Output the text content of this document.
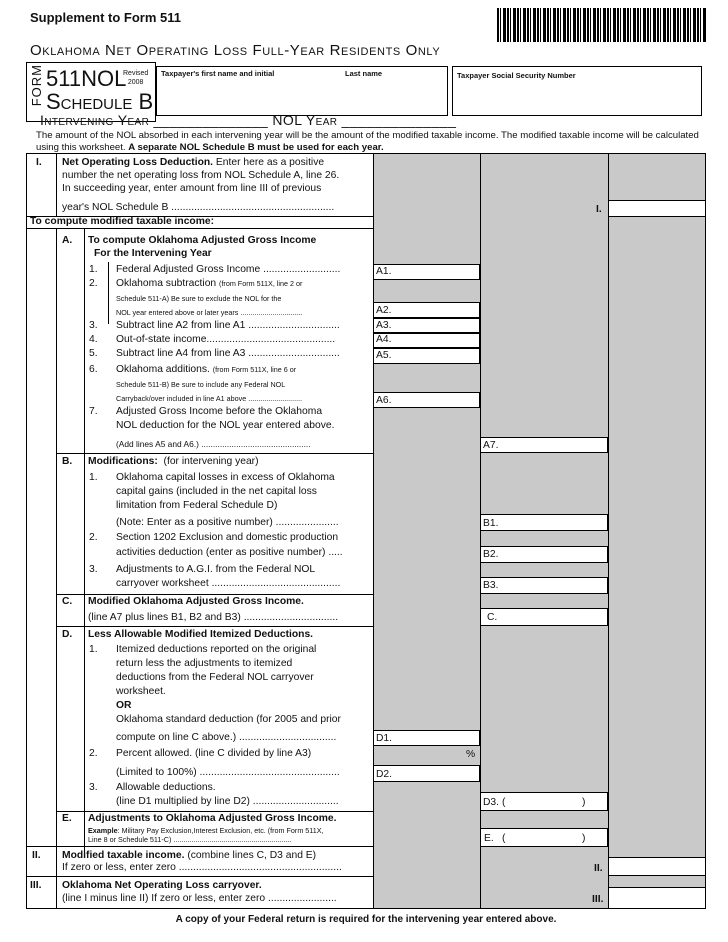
Supplement to Form 511
Oklahoma Net Operating Loss Full-Year Residents Only
FORM 511NOL
Revised
2008
Schedule B
Taxpayer's first name and initial	Last name	Taxpayer Social Security Number
Intervening Year ______________ NOL Year ______________
The amount of the NOL absorbed in each intervening year will be the amount of the modified taxable income. The modified taxable income will be calculated using this worksheet. A separate NOL Schedule B must be used for each year.
I. Net Operating Loss Deduction. Enter here as a positive
number the net operating loss from NOL Schedule A, line 26.
In succeeding year, enter amount from line III of previous
year's NOL Schedule B .........................................................	I.
To compute modified taxable income:
A. To compute Oklahoma Adjusted Gross Income
For the Intervening Year
1. Federal Adjusted Gross Income ...........................	A1.
2. Oklahoma subtraction (from Form 511X, line 2 or
Schedule 511-A) Be sure to exclude the NOL for the
NOL year entered above or later years ...............................	A2.
3. Subtract line A2 from line A1 ................................	A3.
4. Out-of-state income.............................................	A4.
5. Subtract line A4 from line A3 ................................	A5.
6. Oklahoma additions. (from Form 511X, line 6 or
Schedule 511-B) Be sure to include any Federal NOL
Carryback/over included in line A1 above ...........................	A6.
7. Adjusted Gross Income before the Oklahoma
NOL deduction for the NOL year entered above.
(Add lines A5 and A6.) ...............................................	A7.
B. Modifications: (for intervening year)
1. Oklahoma capital losses in excess of Oklahoma
capital gains (included in the net capital loss
limitation from Federal Schedule D)
(Note: Enter as a positive number) ......................	B1.
2. Section 1202 Exclusion and domestic production
activities deduction (enter as positive number) .....	B2.
3. Adjustments to A.G.I. from the Federal NOL
carryover worksheet .............................................	B3.
C. Modified Oklahoma Adjusted Gross Income.
(line A7 plus lines B1, B2 and B3) .................................	C.
D. Less Allowable Modified Itemized Deductions.
1. Itemized deductions reported on the original
return less the adjustments to itemized
deductions from the Federal NOL carryover
worksheet.
OR
Oklahoma standard deduction (for 2005 and prior
compute on line C above.) ..................................	D1.
2. Percent allowed. (line C divided by line A3)	%
(Limited to 100%) .................................................	D2.
3. Allowable deductions.
(line D1 multiplied by line D2) ..............................	D3. (	)
E. Adjustments to Oklahoma Adjusted Gross Income.
Example: Military Pay Exclusion,Interest Exclusion, etc. (from Form 511X,
Line 8 or Schedule 511-C) ...........................................................	E. (	)
II. Modified taxable income. (combine lines C, D3 and E)
If zero or less, enter zero .........................................................	II.
III. Oklahoma Net Operating Loss carryover.
(line I minus line II) If zero or less, enter zero ........................	III.
A copy of your Federal return is required for the intervening year entered above.
